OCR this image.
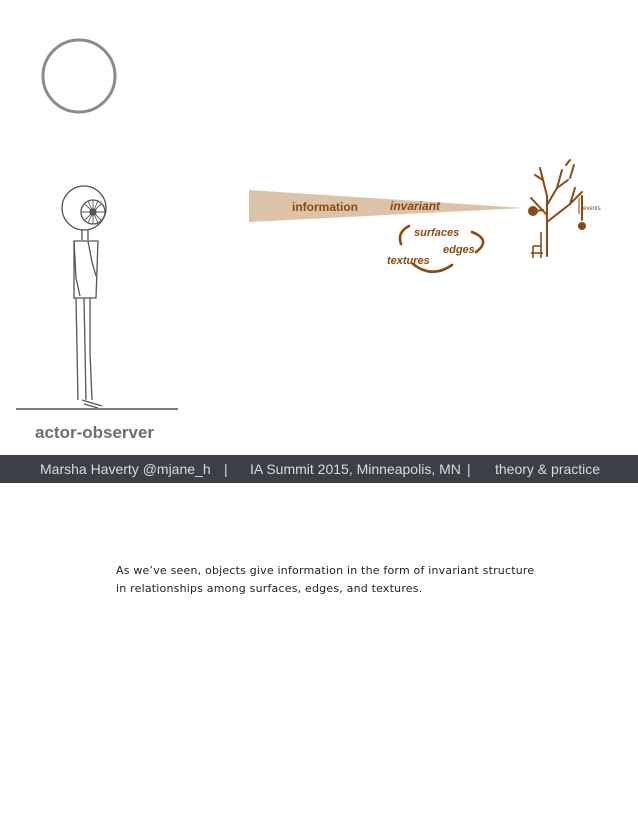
information	invariant
surfaces
edges
textures
events
actor-observer
Marsha Haverty @mjane_h | IA Summit 2015, Minneapolis, MN | theory & practice
As we’ve seen, objects give information in the form of invariant structure in relationships among surfaces, edges, and textures.
